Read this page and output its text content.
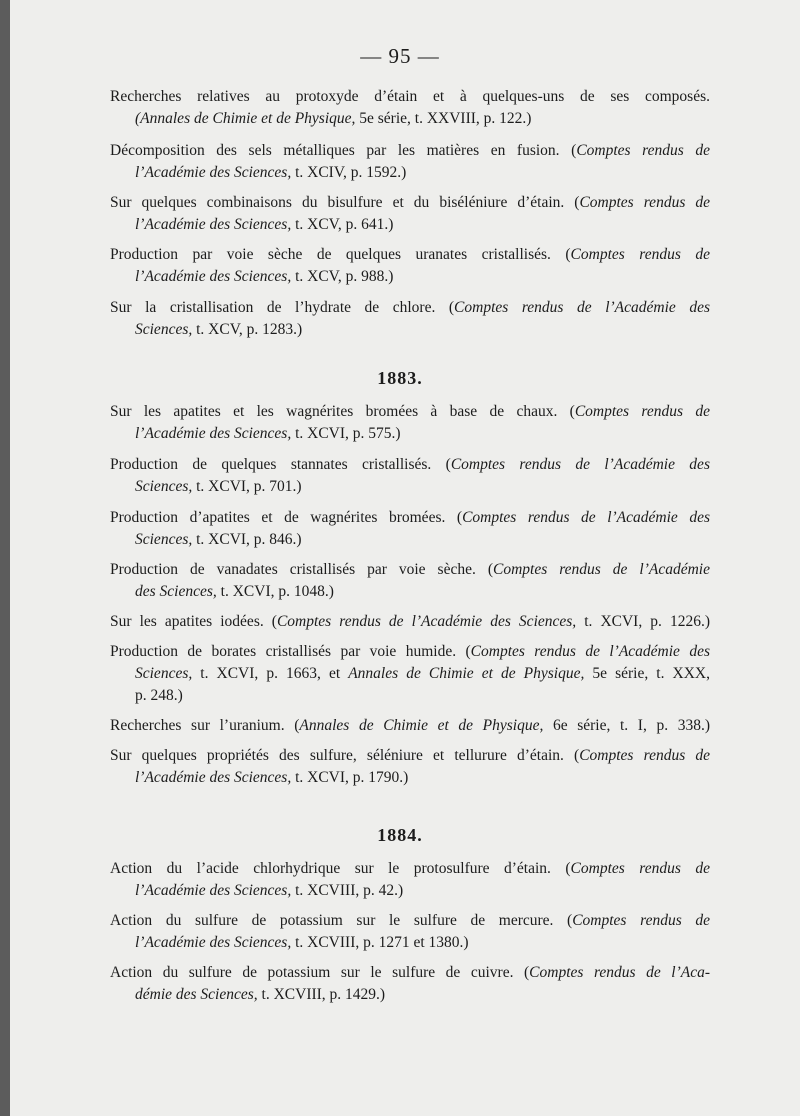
— 95 —
Recherches relatives au protoxyde d’étain et à quelques-uns de ses composés.
(Annales de Chimie et de Physique, 5e série, t. XXVIII, p. 122.)
Décomposition des sels métalliques par les matières en fusion. (Comptes rendus de
l’Académie des Sciences, t. XCIV, p. 1592.)
Sur quelques combinaisons du bisulfure et du biséléniure d’étain. (Comptes rendus de
l’Académie des Sciences, t. XCV, p. 641.)
Production par voie sèche de quelques uranates cristallisés. (Comptes rendus de
l’Académie des Sciences, t. XCV, p. 988.)
Sur la cristallisation de l’hydrate de chlore. (Comptes rendus de l’Académie des
Sciences, t. XCV, p. 1283.)
1883.
Sur les apatites et les wagnérites bromées à base de chaux. (Comptes rendus de
l’Académie des Sciences, t. XCVI, p. 575.)
Production de quelques stannates cristallisés. (Comptes rendus de l’Académie des
Sciences, t. XCVI, p. 701.)
Production d’apatites et de wagnérites bromées. (Comptes rendus de l’Académie des
Sciences, t. XCVI, p. 846.)
Production de vanadates cristallisés par voie sèche. (Comptes rendus de l’Académie
des Sciences, t. XCVI, p. 1048.)
Sur les apatites iodées. (Comptes rendus de l’Académie des Sciences, t. XCVI, p. 1226.)
Production de borates cristallisés par voie humide. (Comptes rendus de l’Académie des
Sciences, t. XCVI, p. 1663, et Annales de Chimie et de Physique, 5e série, t. XXX,
p. 248.)
Recherches sur l’uranium. (Annales de Chimie et de Physique, 6e série, t. I, p. 338.)
Sur quelques propriétés des sulfure, séléniure et tellurure d’étain. (Comptes rendus de
l’Académie des Sciences, t. XCVI, p. 1790.)
1884.
Action du l’acide chlorhydrique sur le protosulfure d’étain. (Comptes rendus de
l’Académie des Sciences, t. XCVIII, p. 42.)
Action du sulfure de potassium sur le sulfure de mercure. (Comptes rendus de
l’Académie des Sciences, t. XCVIII, p. 1271 et 1380.)
Action du sulfure de potassium sur le sulfure de cuivre. (Comptes rendus de l’Aca-
démie des Sciences, t. XCVIII, p. 1429.)
